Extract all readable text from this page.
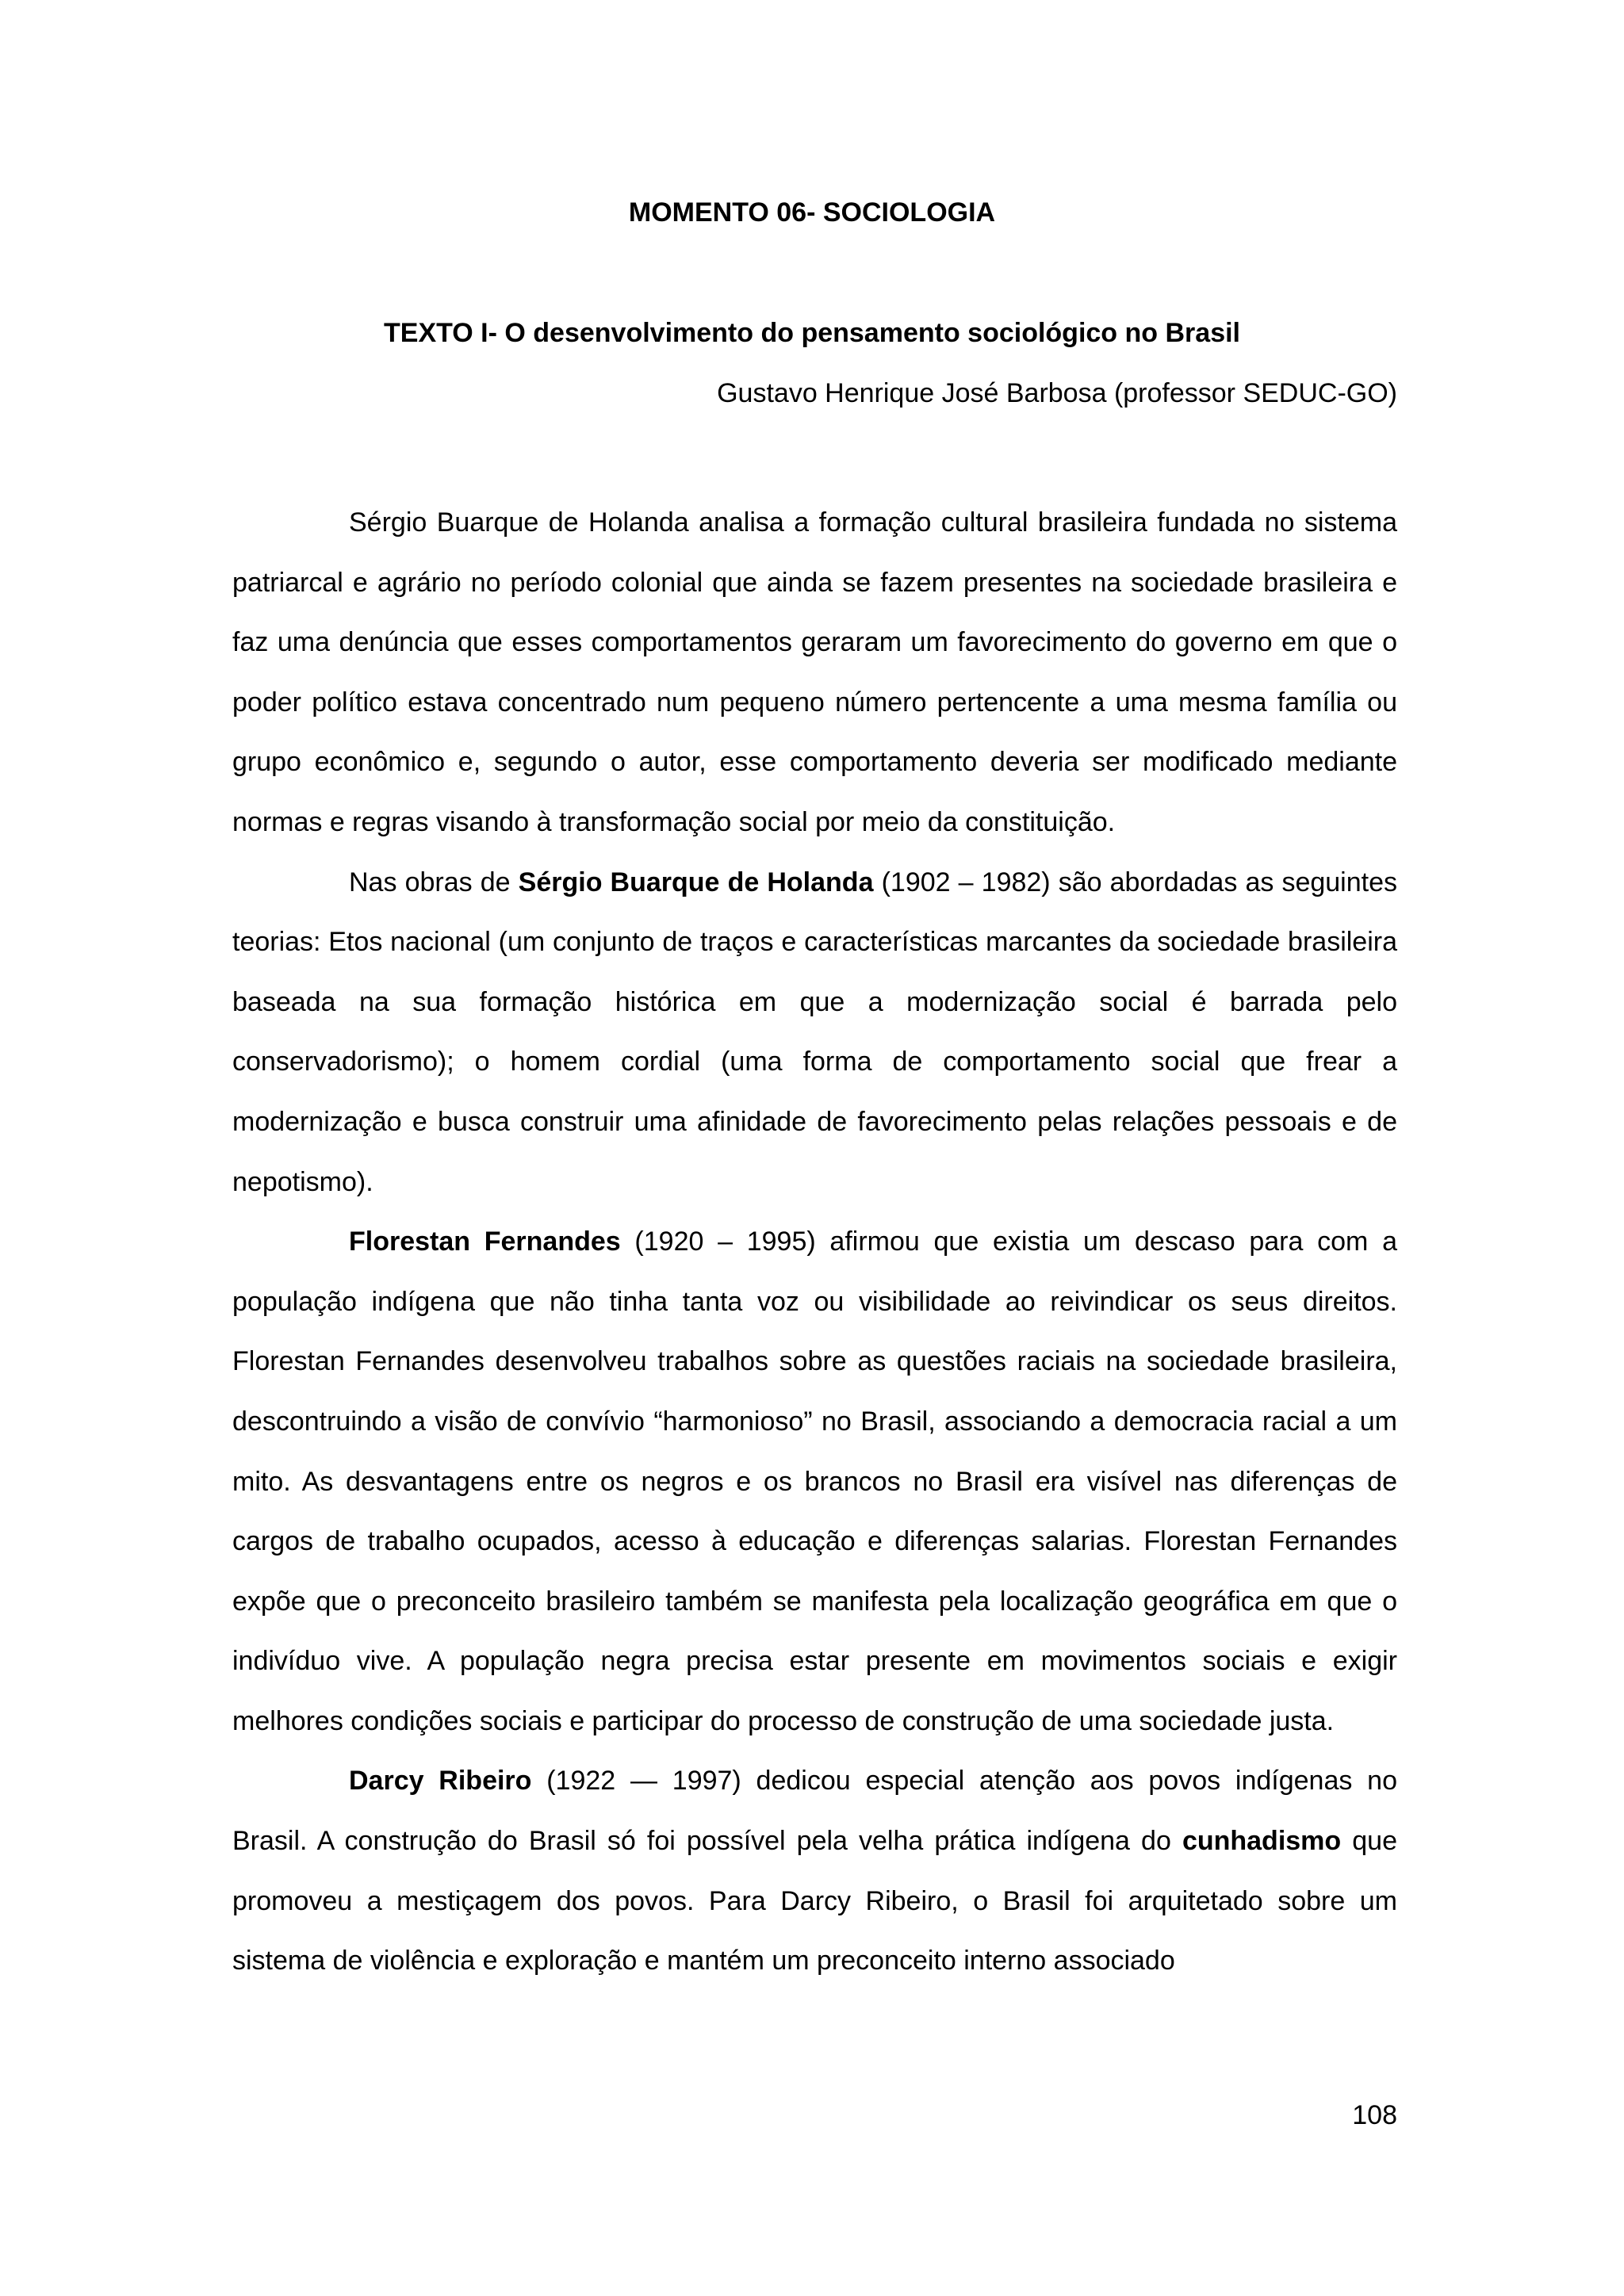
MOMENTO 06- SOCIOLOGIA
TEXTO I- O desenvolvimento do pensamento sociológico no Brasil
Gustavo Henrique José Barbosa (professor SEDUC-GO)

Sérgio Buarque de Holanda analisa a formação cultural brasileira fundada no sistema patriarcal e agrário no período colonial que ainda se fazem presentes na sociedade brasileira e faz uma denúncia que esses comportamentos geraram um favorecimento do governo em que o poder político estava concentrado num pequeno número pertencente a uma mesma família ou grupo econômico e, segundo o autor, esse comportamento deveria ser modificado mediante normas e regras visando à transformação social por meio da constituição.

Nas obras de Sérgio Buarque de Holanda (1902 – 1982) são abordadas as seguintes teorias: Etos nacional (um conjunto de traços e características marcantes da sociedade brasileira baseada na sua formação histórica em que a modernização social é barrada pelo conservadorismo); o homem cordial (uma forma de comportamento social que frear a modernização e busca construir uma afinidade de favorecimento pelas relações pessoais e de nepotismo).

Florestan Fernandes (1920 – 1995) afirmou que existia um descaso para com a população indígena que não tinha tanta voz ou visibilidade ao reivindicar os seus direitos. Florestan Fernandes desenvolveu trabalhos sobre as questões raciais na sociedade brasileira, descontruindo a visão de convívio “harmonioso” no Brasil, associando a democracia racial a um mito. As desvantagens entre os negros e os brancos no Brasil era visível nas diferenças de cargos de trabalho ocupados, acesso à educação e diferenças salarias. Florestan Fernandes expõe que o preconceito brasileiro também se manifesta pela localização geográfica em que o indivíduo vive. A população negra precisa estar presente em movimentos sociais e exigir melhores condições sociais e participar do processo de construção de uma sociedade justa.

Darcy Ribeiro (1922 — 1997) dedicou especial atenção aos povos indígenas no Brasil. A construção do Brasil só foi possível pela velha prática indígena do cunhadismo que promoveu a mestiçagem dos povos. Para Darcy Ribeiro, o Brasil foi arquitetado sobre um sistema de violência e exploração e mantém um preconceito interno associado

108
